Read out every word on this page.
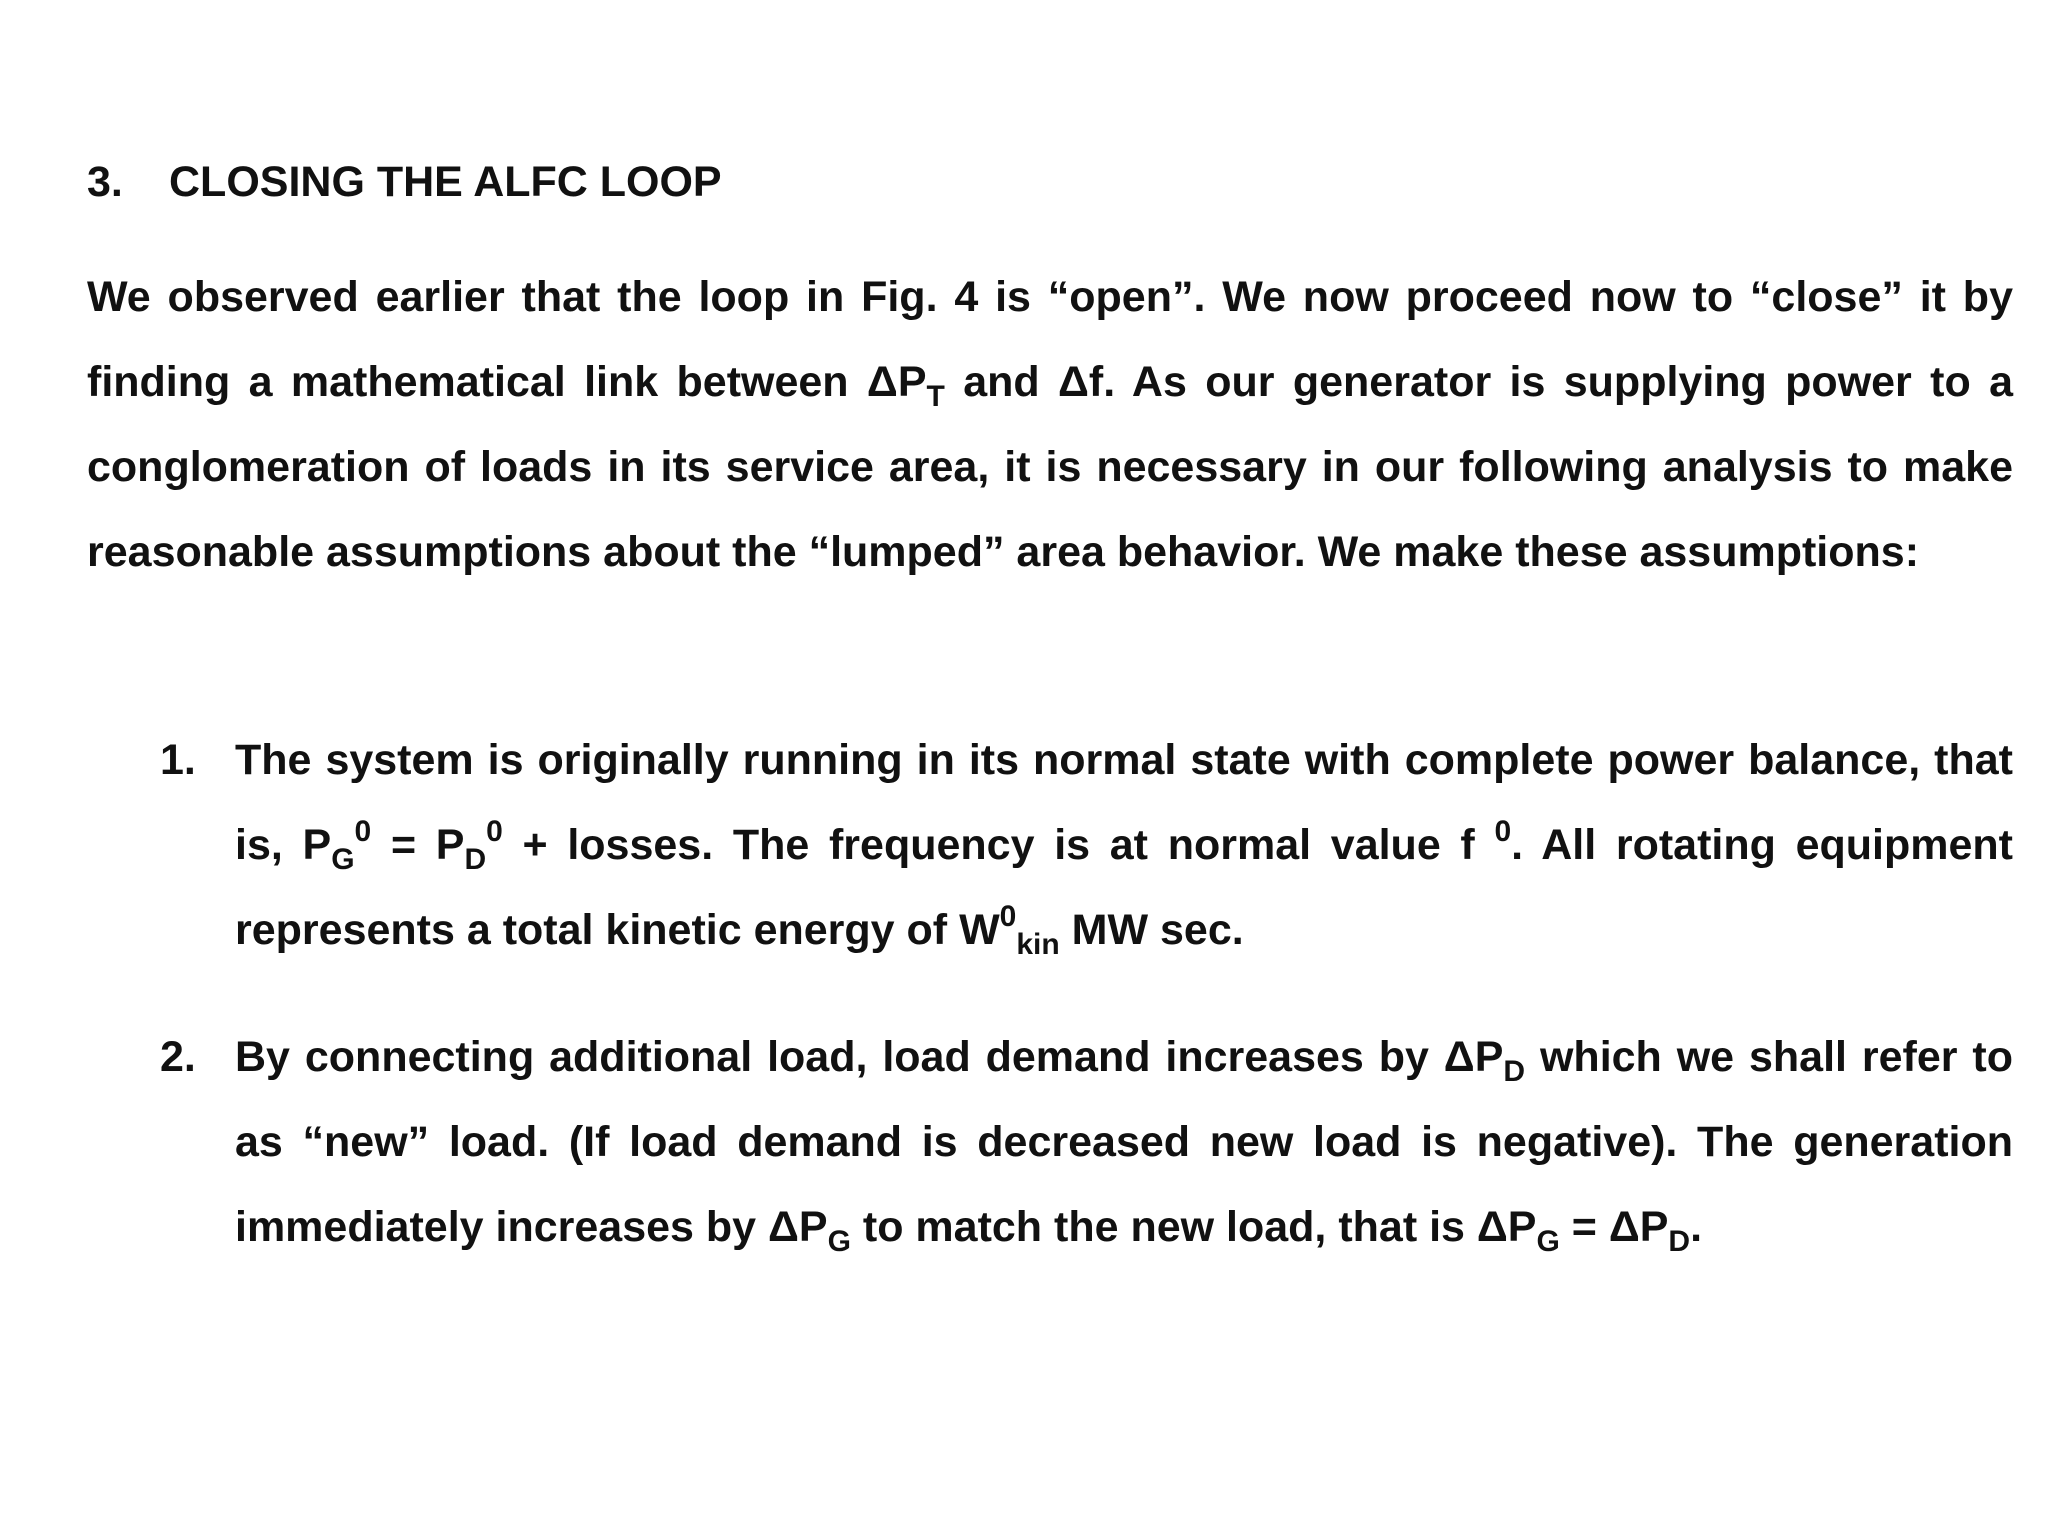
3. CLOSING THE ALFC LOOP
We observed earlier that the loop in Fig. 4 is “open”. We now proceed now to “close” it by finding a mathematical link between $\Delta P_T$ and Δf. As our generator is supplying power to a conglomeration of loads in its service area, it is necessary in our following analysis to make reasonable assumptions about the “lumped” area behavior. We make these assumptions:
1. The system is originally running in its normal state with complete power balance, that is, $P_G^0 = P_D^0$ + losses. The frequency is at normal value f $^0$. All rotating equipment represents a total kinetic energy of $W^0_{kin}$ MW sec.
2. By connecting additional load, load demand increases by $\Delta P_D$ which we shall refer to as “new” load. (If load demand is decreased new load is negative). The generation immediately increases by $\Delta P_G$ to match the new load, that is $\Delta P_G = \Delta P_D$.
